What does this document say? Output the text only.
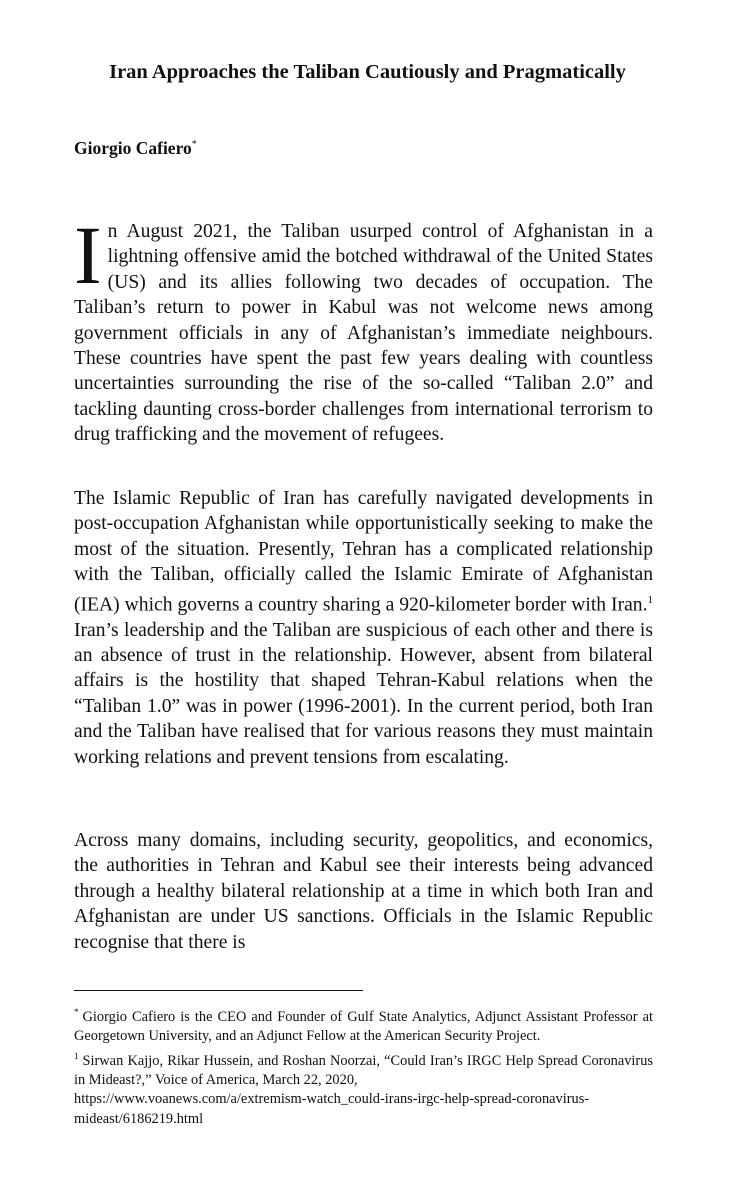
Iran Approaches the Taliban Cautiously and Pragmatically
Giorgio Cafiero*

In August 2021, the Taliban usurped control of Afghanistan in a lightning offensive amid the botched withdrawal of the United States (US) and its allies following two decades of occupation. The Taliban’s return to power in Kabul was not welcome news among government officials in any of Afghanistan’s immediate neighbours. These countries have spent the past few years dealing with countless uncertainties surrounding the rise of the so-called “Taliban 2.0” and tackling daunting cross-border challenges from international terrorism to drug trafficking and the movement of refugees.

The Islamic Republic of Iran has carefully navigated developments in post-occupation Afghanistan while opportunistically seeking to make the most of the situation. Presently, Tehran has a complicated relationship with the Taliban, officially called the Islamic Emirate of Afghanistan (IEA) which governs a country sharing a 920-kilometer border with Iran.$^1$ Iran’s leadership and the Taliban are suspicious of each other and there is an absence of trust in the relationship. However, absent from bilateral affairs is the hostility that shaped Tehran-Kabul relations when the “Taliban 1.0” was in power (1996-2001). In the current period, both Iran and the Taliban have realised that for various reasons they must maintain working relations and prevent tensions from escalating.

Across many domains, including security, geopolitics, and economics, the authorities in Tehran and Kabul see their interests being advanced through a healthy bilateral relationship at a time in which both Iran and Afghanistan are under US sanctions. Officials in the Islamic Republic recognise that there is

* Giorgio Cafiero is the CEO and Founder of Gulf State Analytics, Adjunct Assistant Professor at Georgetown University, and an Adjunct Fellow at the American Security Project.

$^1$ Sirwan Kajjo, Rikar Hussein, and Roshan Noorzai, “Could Iran’s IRGC Help Spread Coronavirus in Mideast?,” Voice of America, March 22, 2020,

https://www.voanews.com/a/extremism-watch_could-irans-irgc-help-spread-coronavirus-mideast/6186219.html
